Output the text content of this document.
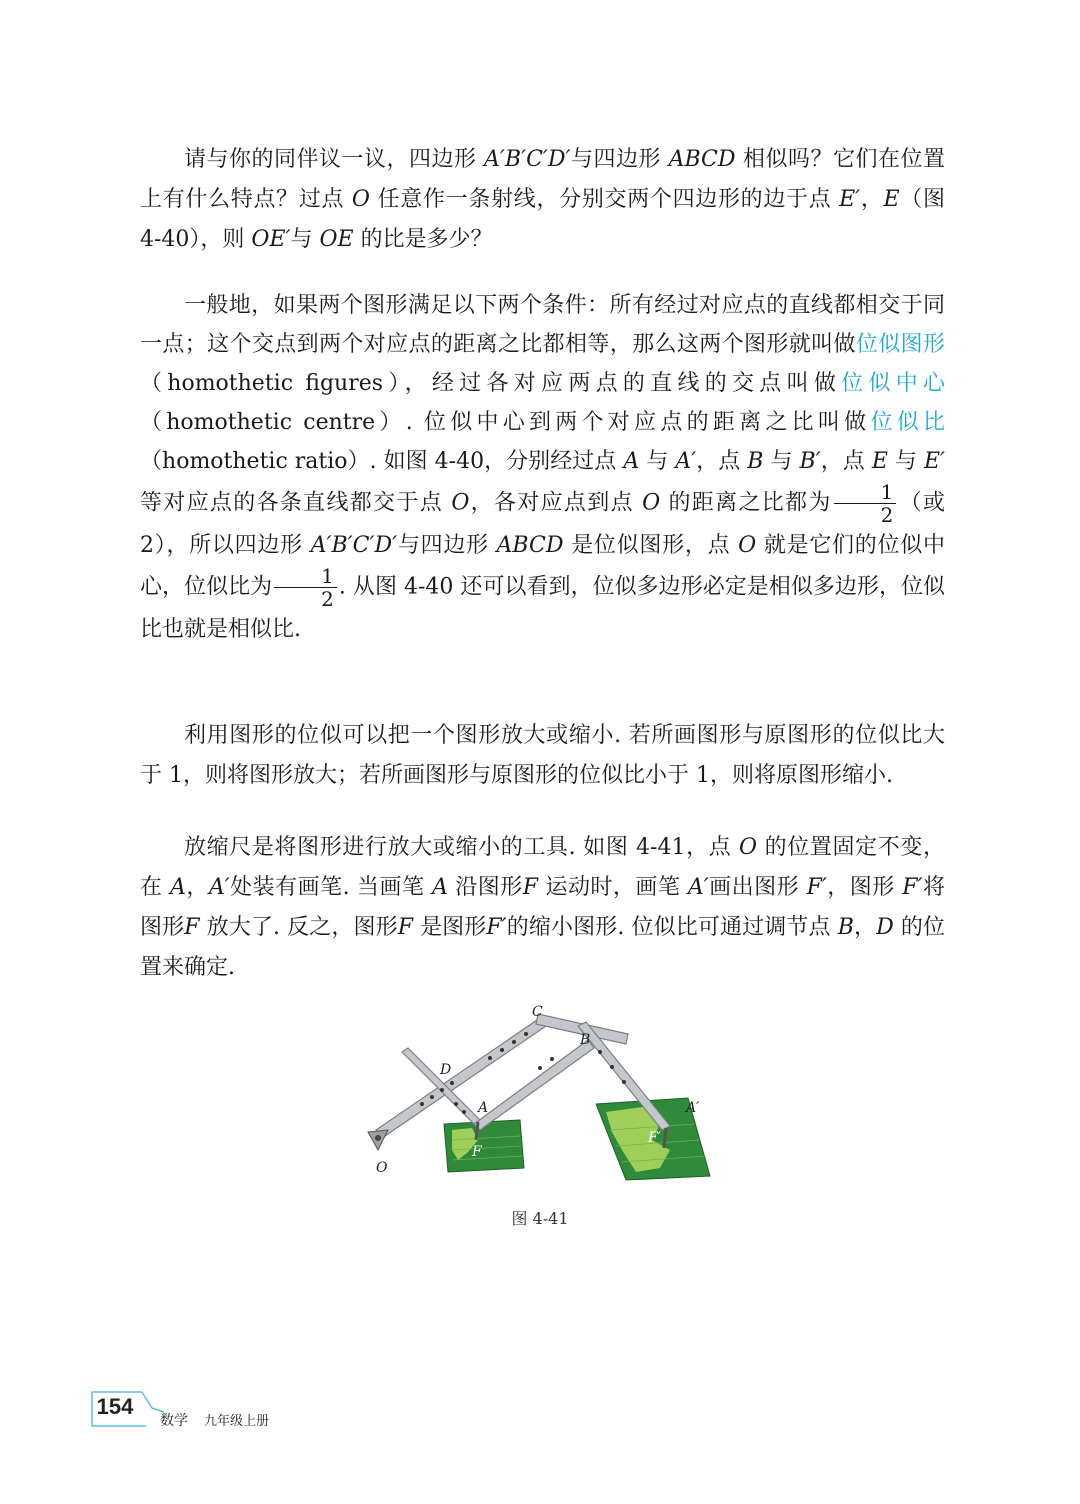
请与你的同伴议一议，四边形 A′B′C′D′与四边形 ABCD 相似吗？它们在位置上有什么特点？过点 O 任意作一条射线，分别交两个四边形的边于点 E′，E（图 4-40），则 OE′与 OE 的比是多少？

一般地，如果两个图形满足以下两个条件：所有经过对应点的直线都相交于同一点；这个交点到两个对应点的距离之比都相等，那么这两个图形就叫做位似图形（homothetic figures），经过各对应两点的直线的交点叫做位似中心（homothetic centre）. 位似中心到两个对应点的距离之比叫做位似比（homothetic ratio）. 如图 4-40，分别经过点 A 与 A′，点 B 与 B′，点 E 与 E′ 等对应点的各条直线都交于点 O，各对应点到点 O 的距离之比都为 $\frac{1}{2}$ （或 2），所以四边形 A′B′C′D′与四边形 ABCD 是位似图形，点 O 就是它们的位似中心，位似比为 $\frac{1}{2}$ . 从图 4-40 还可以看到，位似多边形必定是相似多边形，位似比也就是相似比.

利用图形的位似可以把一个图形放大或缩小. 若所画图形与原图形的位似比大于 1，则将图形放大；若所画图形与原图形的位似比小于 1，则将原图形缩小.

放缩尺是将图形进行放大或缩小的工具. 如图 4-41，点 O 的位置固定不变，在 A，A′处装有画笔. 当画笔 A 沿图形F 运动时，画笔 A′画出图形 F′，图形 F′将图形F 放大了. 反之，图形F 是图形F′的缩小图形. 位似比可通过调节点 B，D 的位置来确定.

C
B
D
A	A′
O
F
F′
图 4-41
154
数学 九年级上册
